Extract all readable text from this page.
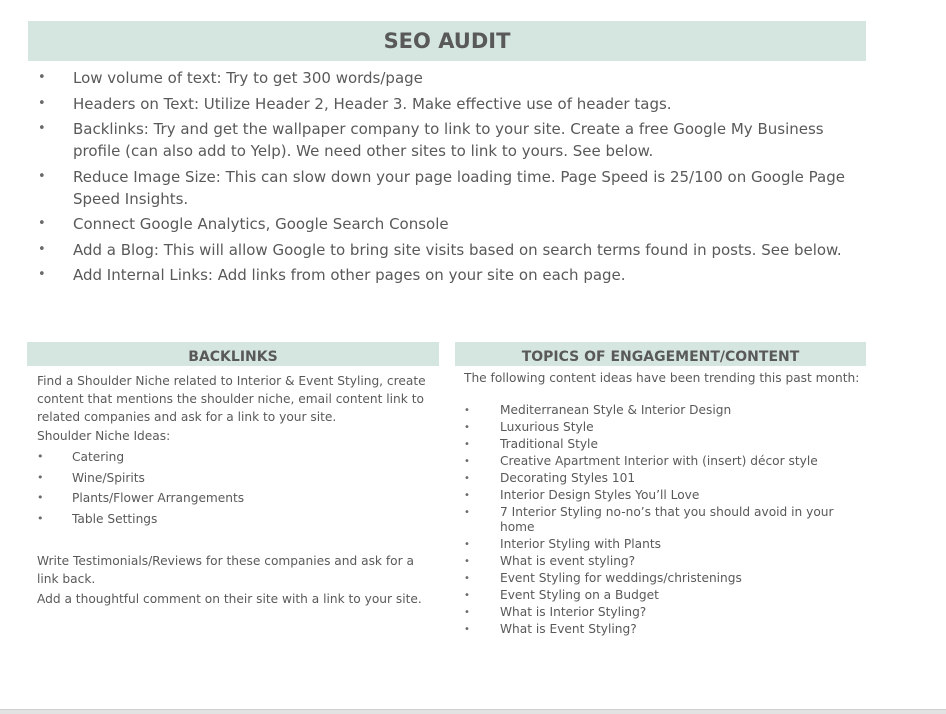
SEO AUDIT
• Low volume of text: Try to get 300 words/page
• Headers on Text: Utilize Header 2, Header 3. Make effective use of header tags.
• Backlinks: Try and get the wallpaper company to link to your site. Create a free Google My Business profile (can also add to Yelp). We need other sites to link to yours. See below.
• Reduce Image Size: This can slow down your page loading time. Page Speed is 25/100 on Google Page Speed Insights.
• Connect Google Analytics, Google Search Console
• Add a Blog: This will allow Google to bring site visits based on search terms found in posts. See below.
• Add Internal Links: Add links from other pages on your site on each page.
BACKLINKS
Find a Shoulder Niche related to Interior & Event Styling, create content that mentions the shoulder niche, email content link to related companies and ask for a link to your site.
Shoulder Niche Ideas:
• Catering
• Wine/Spirits
• Plants/Flower Arrangements
• Table Settings
Write Testimonials/Reviews for these companies and ask for a link back.
Add a thoughtful comment on their site with a link to your site.
TOPICS OF ENGAGEMENT/CONTENT
The following content ideas have been trending this past month:
• Mediterranean Style & Interior Design
• Luxurious Style
• Traditional Style
• Creative Apartment Interior with (insert) décor style
• Decorating Styles 101
• Interior Design Styles You’ll Love
• 7 Interior Styling no-no’s that you should avoid in your home
• Interior Styling with Plants
• What is event styling?
• Event Styling for weddings/christenings
• Event Styling on a Budget
• What is Interior Styling?
• What is Event Styling?
